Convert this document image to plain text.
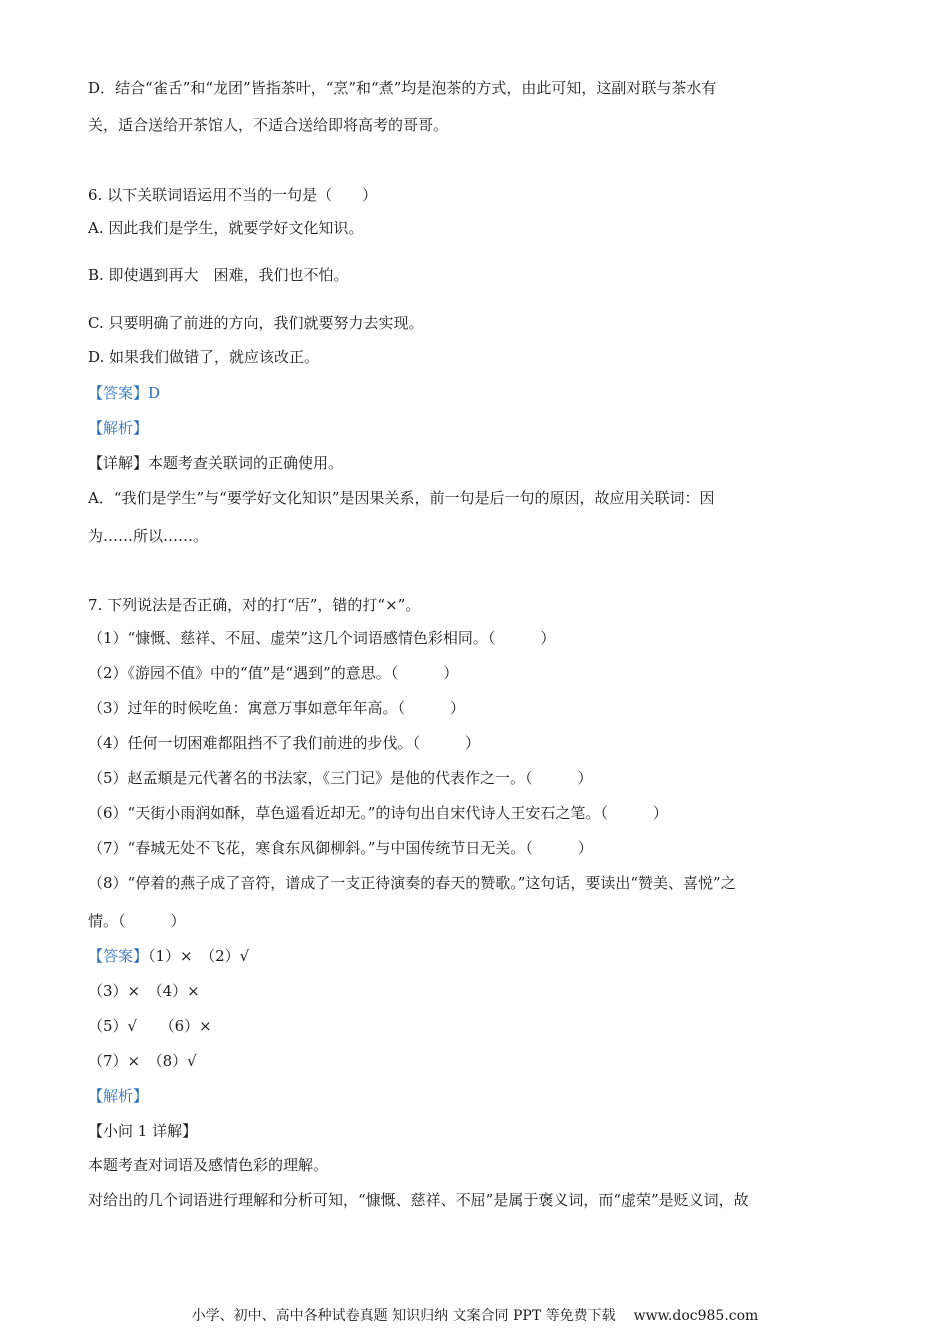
D．结合“雀舌”和“龙团”皆指茶叶，“烹”和“煮”均是泡茶的方式，由此可知，这副对联与茶水有
关，适合送给开茶馆人，不适合送给即将高考的哥哥。
6. 以下关联词语运用不当的一句是（　　）
A. 因此我们是学生，就要学好文化知识。
B. 即使遇到再大　困难，我们也不怕。
C. 只要明确了前进的方向，我们就要努力去实现。
D. 如果我们做错了，就应该改正。
【答案】D
【解析】
【详解】本题考查关联词的正确使用。
A．“我们是学生”与“要学好文化知识”是因果关系，前一句是后一句的原因，故应用关联词：因
为……所以……。
7. 下列说法是否正确，对的打“㕆”，错的打“×”。
（1）“慷慨、慈祥、不屈、虚荣”这几个词语感情色彩相同。（　　　）
（2）《游园不值》中的“值”是“遇到”的意思。（　　　）
（3）过年的时候吃鱼：寓意万事如意年年高。（　　　）
（4）任何一切困难都阻挡不了我们前进的步伐。（　　　）
（5）赵孟頫是元代著名的书法家，《三门记》是他的代表作之一。（　　　）
（6）“天街小雨润如酥，草色遥看近却无。”的诗句出自宋代诗人王安石之笔。（　　　）
（7）“春城无处不飞花，寒食东风御柳斜。”与中国传统节日无关。（　　　）
（8）“停着的燕子成了音符，谱成了一支正待演奏的春天的赞歌。”这句话，要读出“赞美、喜悦”之
情。（　　　）
【答案】（1）×　（2）√
（3）×　（4）×
（5）√　　（6）×
（7）×　（8）√
【解析】
【小问 1 详解】
本题考查对词语及感情色彩的理解。
对给出的几个词语进行理解和分析可知，“慷慨、慈祥、不屈”是属于褒义词，而“虚荣”是贬义词，故
小学、初中、高中各种试卷真题 知识归纳 文案合同 PPT 等免费下载 www.doc985.com
